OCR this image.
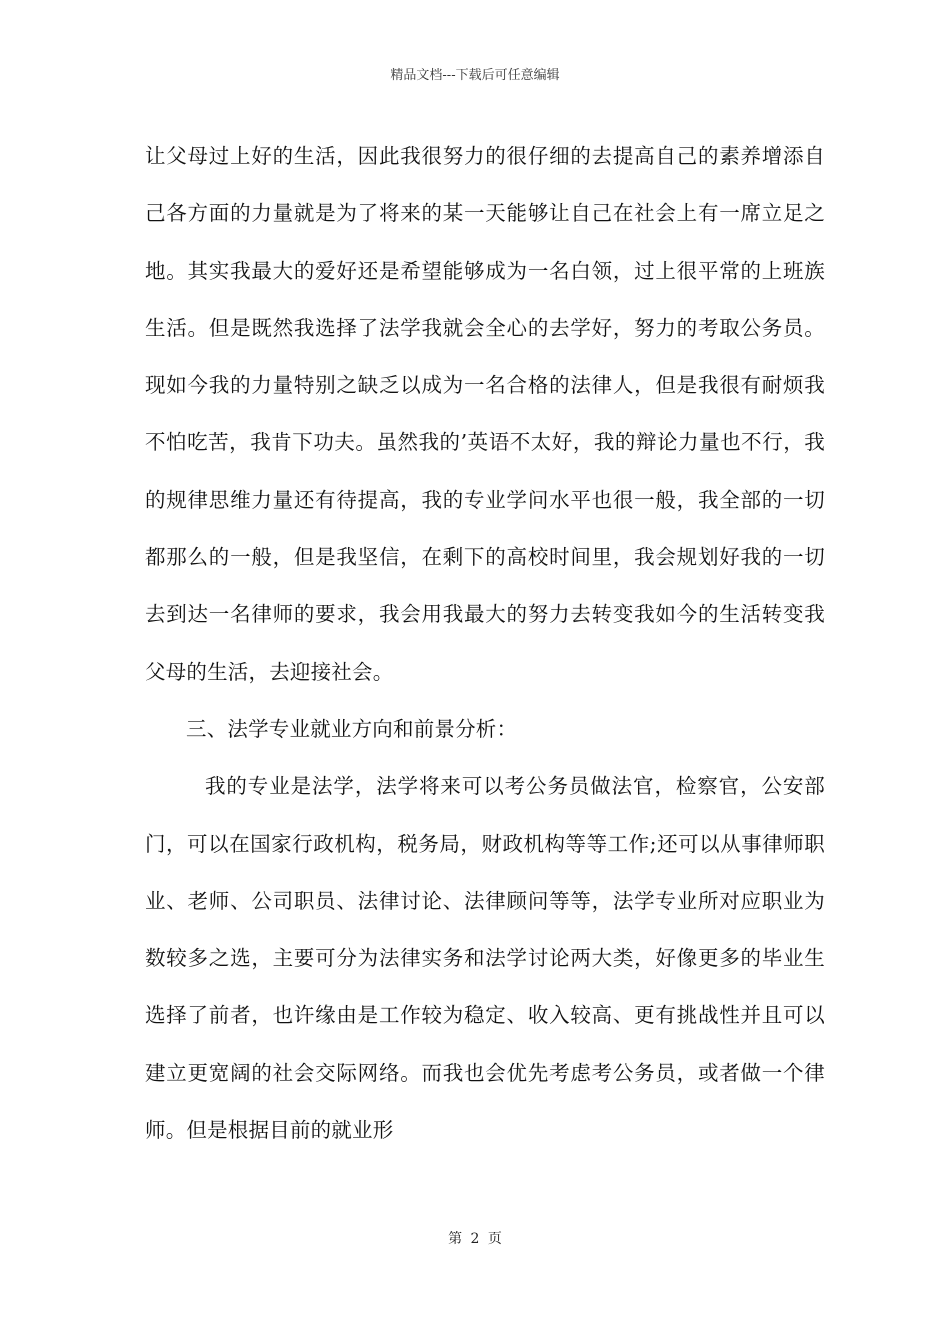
精品文档---下载后可任意编辑

让父母过上好的生活，因此我很努力的很仔细的去提高自己的素养增添自己各方面的力量就是为了将来的某一天能够让自己在社会上有一席立足之地。其实我最大的爱好还是希望能够成为一名白领，过上很平常的上班族生活。但是既然我选择了法学我就会全心的去学好，努力的考取公务员。现如今我的力量特别之缺乏以成为一名合格的法律人，但是我很有耐烦我不怕吃苦，我肯下功夫。虽然我的’英语不太好，我的辩论力量也不行，我的规律思维力量还有待提高，我的专业学问水平也很一般，我全部的一切都那么的一般，但是我坚信，在剩下的高校时间里，我会规划好我的一切去到达一名律师的要求，我会用我最大的努力去转变我如今的生活转变我父母的生活，去迎接社会。

三、法学专业就业方向和前景分析：

我的专业是法学，法学将来可以考公务员做法官，检察官，公安部门，可以在国家行政机构，税务局，财政机构等等工作;还可以从事律师职业、老师、公司职员、法律讨论、法律顾问等等，法学专业所对应职业为数较多之选，主要可分为法律实务和法学讨论两大类，好像更多的毕业生选择了前者，也许缘由是工作较为稳定、收入较高、更有挑战性并且可以建立更宽阔的社会交际网络。而我也会优先考虑考公务员，或者做一个律师。但是根据目前的就业形

第 2 页
